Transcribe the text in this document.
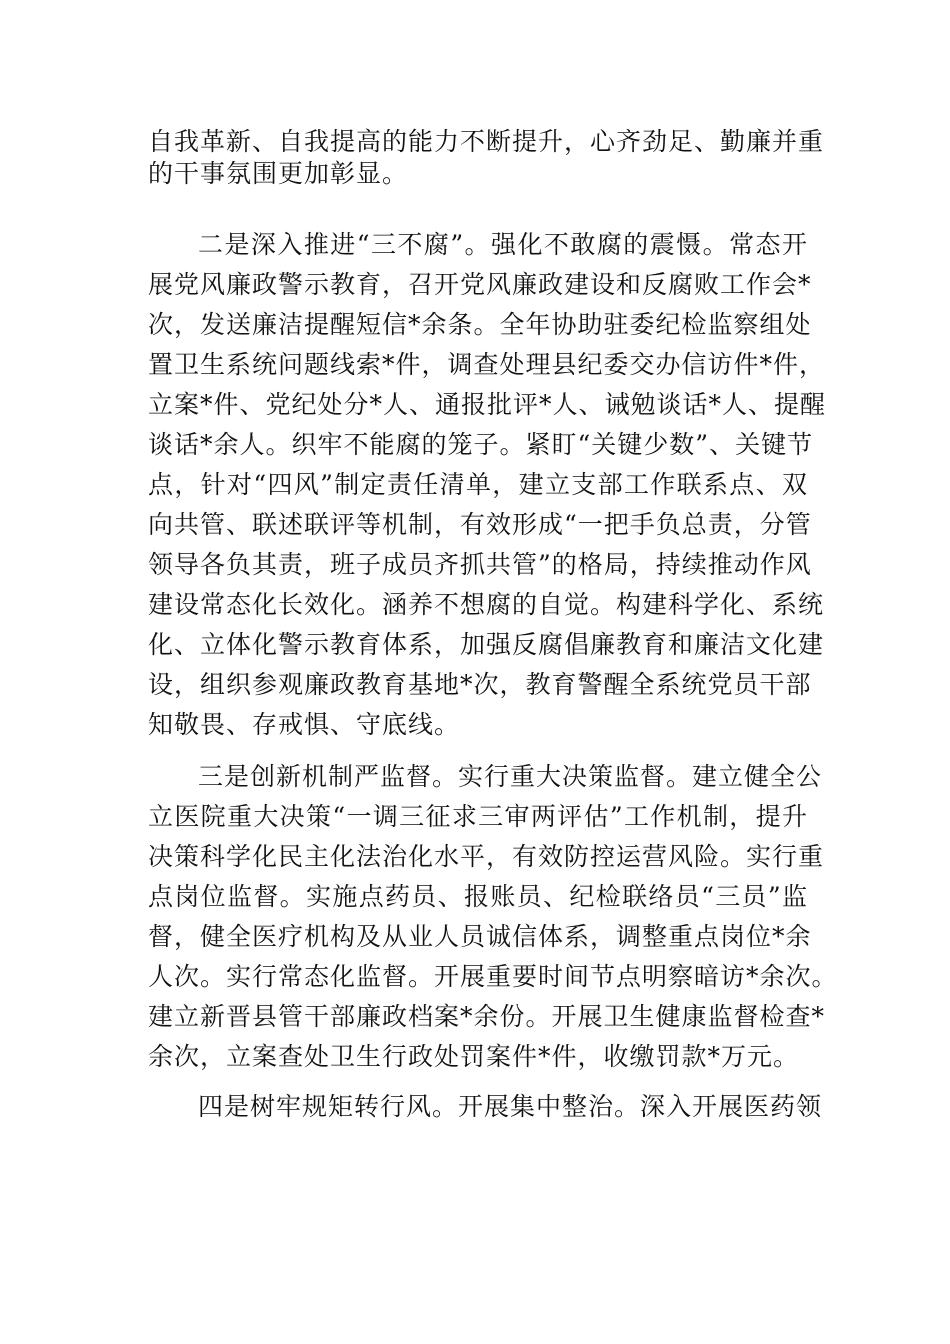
自我革新、自我提高的能力不断提升，心齐劲足、勤廉并重
的干事氛围更加彰显。
二是深入推进“三不腐”。强化不敢腐的震慑。常态开
展党风廉政警示教育，召开党风廉政建设和反腐败工作会*
次，发送廉洁提醒短信*余条。全年协助驻委纪检监察组处
置卫生系统问题线索*件，调查处理县纪委交办信访件*件，
立案*件、党纪处分*人、通报批评*人、诫勉谈话*人、提醒
谈话*余人。织牢不能腐的笼子。紧盯“关键少数”、关键节
点，针对“四风”制定责任清单，建立支部工作联系点、双
向共管、联述联评等机制，有效形成“一把手负总责，分管
领导各负其责，班子成员齐抓共管”的格局，持续推动作风
建设常态化长效化。涵养不想腐的自觉。构建科学化、系统
化、立体化警示教育体系，加强反腐倡廉教育和廉洁文化建
设，组织参观廉政教育基地*次，教育警醒全系统党员干部
知敬畏、存戒惧、守底线。
三是创新机制严监督。实行重大决策监督。建立健全公
立医院重大决策“一调三征求三审两评估”工作机制，提升
决策科学化民主化法治化水平，有效防控运营风险。实行重
点岗位监督。实施点药员、报账员、纪检联络员“三员”监
督，健全医疗机构及从业人员诚信体系，调整重点岗位*余
人次。实行常态化监督。开展重要时间节点明察暗访*余次。
建立新晋县管干部廉政档案*余份。开展卫生健康监督检查*
余次，立案查处卫生行政处罚案件*件，收缴罚款*万元。
四是树牢规矩转行风。开展集中整治。深入开展医药领
